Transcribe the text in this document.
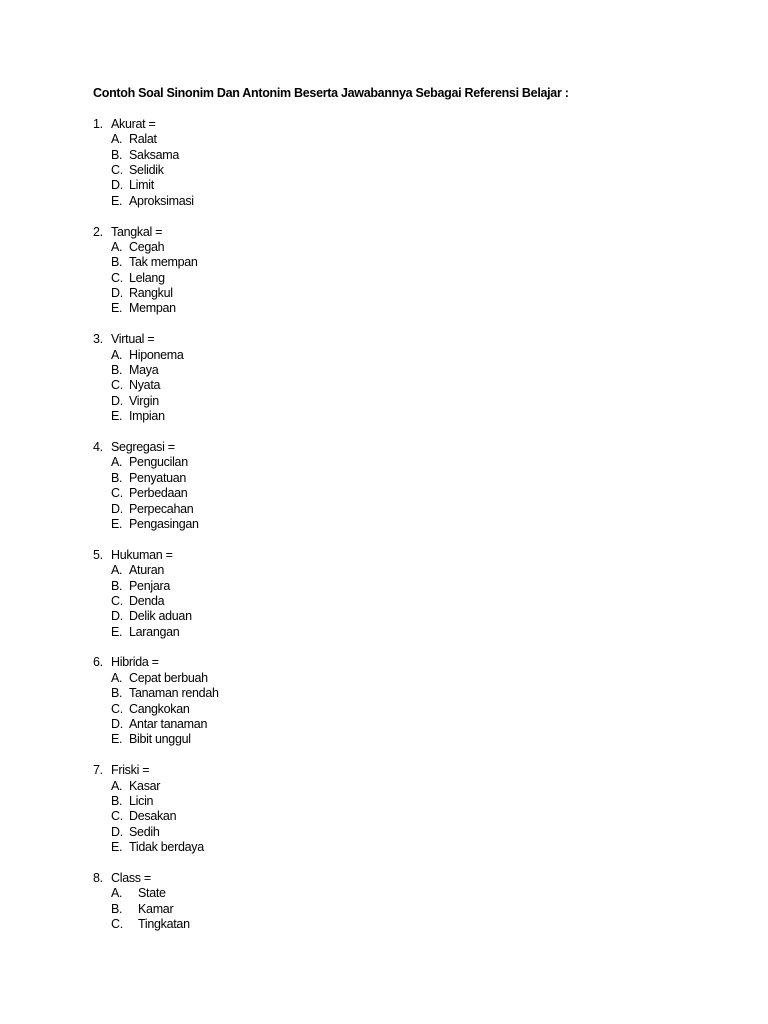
Contoh Soal Sinonim Dan Antonim Beserta Jawabannya Sebagai Referensi Belajar :
1. Akurat =
A. Ralat
B. Saksama
C. Selidik
D. Limit
E. Aproksimasi
2. Tangkal =
A. Cegah
B. Tak mempan
C. Lelang
D. Rangkul
E. Mempan
3. Virtual =
A. Hiponema
B. Maya
C. Nyata
D. Virgin
E. Impian
4. Segregasi =
A. Pengucilan
B. Penyatuan
C. Perbedaan
D. Perpecahan
E. Pengasingan
5. Hukuman =
A. Aturan
B. Penjara
C. Denda
D. Delik aduan
E. Larangan
6. Hibrida =
A. Cepat berbuah
B. Tanaman rendah
C. Cangkokan
D. Antar tanaman
E. Bibit unggul
7. Friski =
A. Kasar
B. Licin
C. Desakan
D. Sedih
E. Tidak berdaya
8. Class =
A. State
B. Kamar
C. Tingkatan
